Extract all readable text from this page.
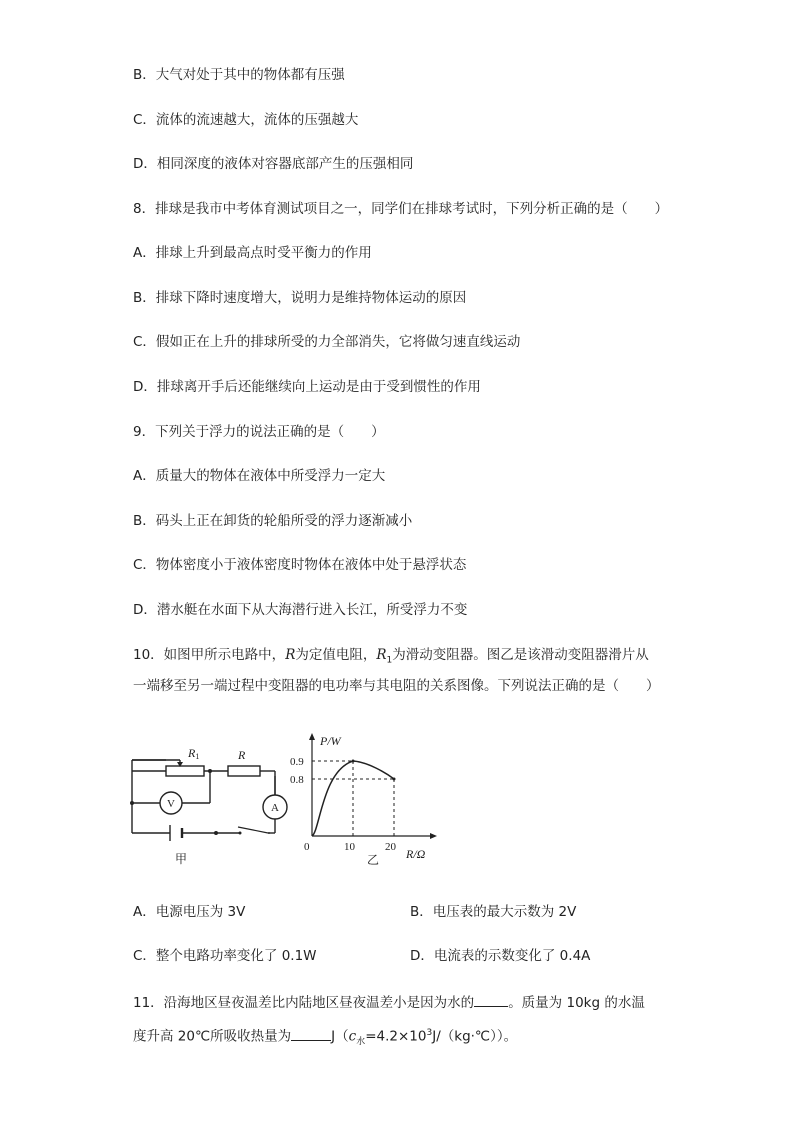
B．大气对处于其中的物体都有压强
C．流体的流速越大，流体的压强越大
D．相同深度的液体对容器底部产生的压强相同
8．排球是我市中考体育测试项目之一，同学们在排球考试时，下列分析正确的是（　　）
A．排球上升到最高点时受平衡力的作用
B．排球下降时速度增大，说明力是维持物体运动的原因
C．假如正在上升的排球所受的力全部消失，它将做匀速直线运动
D．排球离开手后还能继续向上运动是由于受到惯性的作用
9．下列关于浮力的说法正确的是（　　）
A．质量大的物体在液体中所受浮力一定大
B．码头上正在卸货的轮船所受的浮力逐渐减小
C．物体密度小于液体密度时物体在液体中处于悬浮状态
D．潜水艇在水面下从大海潜行进入长江，所受浮力不变
10．如图甲所示电路中，R为定值电阻，$R_1$为滑动变阻器。图乙是该滑动变阻器滑片从
一端移至另一端过程中变阻器的电功率与其电阻的关系图像。下列说法正确的是（　　）
R1	R
V	A
甲
P/W
R/Ω
0.9
0.8
0	10	20
乙
A．电源电压为 3V	B．电压表的最大示数为 2V
C．整个电路功率变化了 0.1W	D．电流表的示数变化了 0.4A
11．沿海地区昼夜温差比内陆地区昼夜温差小是因为水的	。质量为 10kg 的水温
度升高 20℃所吸收热量为	$J(c_水=4.2\times 10^3J/(kg\cdot℃))$。
